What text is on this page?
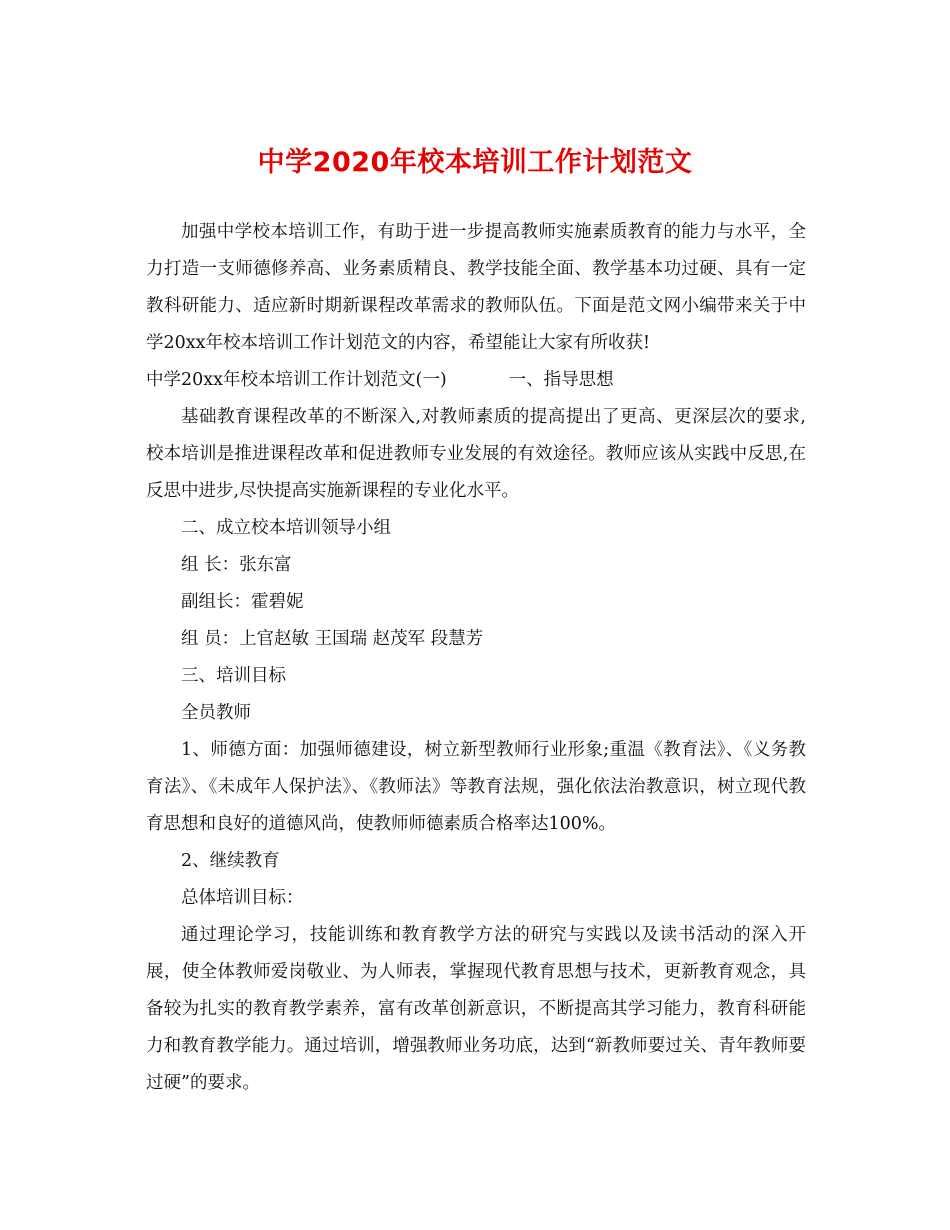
中学2020年校本培训工作计划范文

加强中学校本培训工作，有助于进一步提高教师实施素质教育的能力与水平，全力打造一支师德修养高、业务素质精良、教学技能全面、教学基本功过硬、具有一定教科研能力、适应新时期新课程改革需求的教师队伍。下面是范文网小编带来关于中学20xx年校本培训工作计划范文的内容，希望能让大家有所收获!

中学20xx年校本培训工作计划范文(一)	一、指导思想

基础教育课程改革的不断深入,对教师素质的提高提出了更高、更深层次的要求, 校本培训是推进课程改革和促进教师专业发展的有效途径。教师应该从实践中反思,在反思中进步,尽快提高实施新课程的专业化水平。

二、成立校本培训领导小组

组 长：张东富

副组长：霍碧妮

组 员：上官赵敏 王国瑞 赵茂军 段慧芳

三、培训目标

全员教师

1、师德方面：加强师德建设，树立新型教师行业形象;重温《教育法》、《义务教育法》、《未成年人保护法》、《教师法》等教育法规，强化依法治教意识，树立现代教育思想和良好的道德风尚，使教师师德素质合格率达100%。

2、继续教育

总体培训目标：

通过理论学习，技能训练和教育教学方法的研究与实践以及读书活动的深入开展，使全体教师爱岗敬业、为人师表，掌握现代教育思想与技术，更新教育观念，具备较为扎实的教育教学素养，富有改革创新意识，不断提高其学习能力，教育科研能力和教育教学能力。通过培训，增强教师业务功底，达到“新教师要过关、青年教师要过硬”的要求。
